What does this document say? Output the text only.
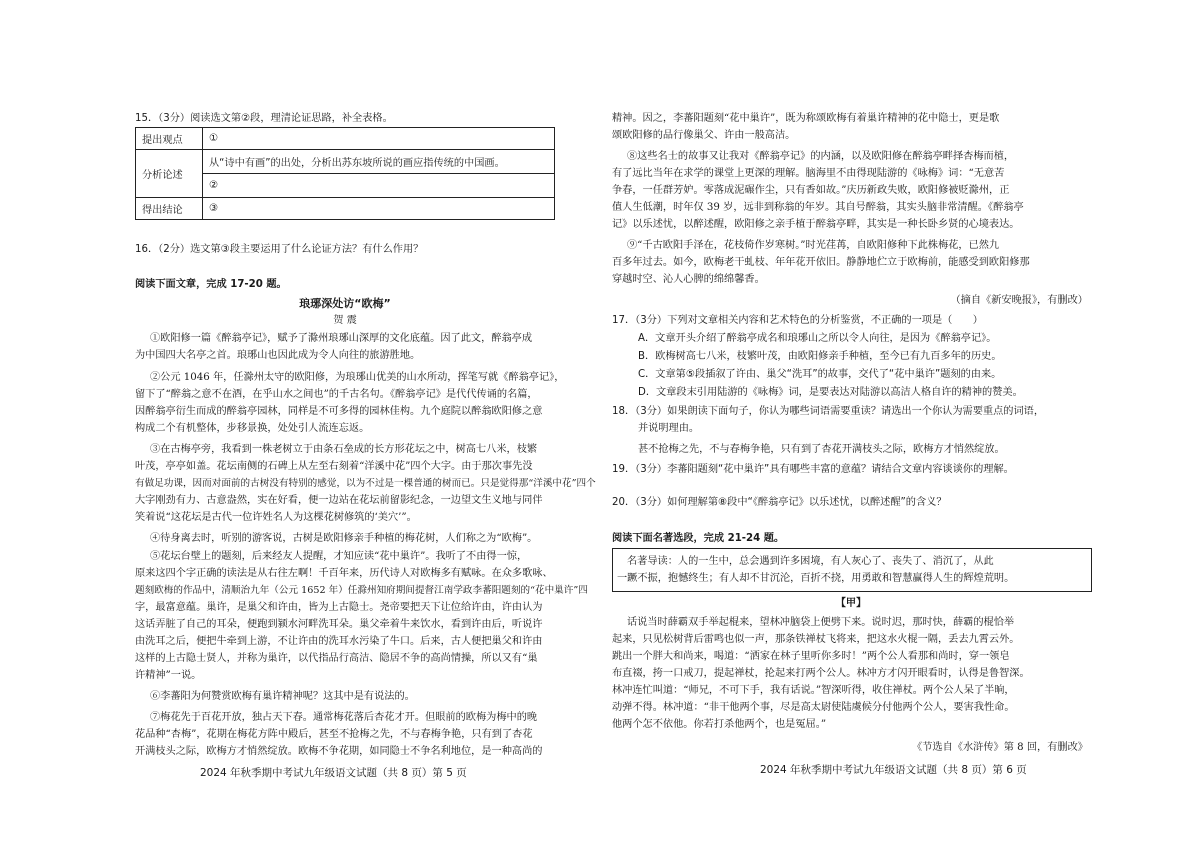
15．（3分）阅读选文第②段，理清论证思路，补全表格。
提出观点	①
分析论述	从“诗中有画”的出处，分析出苏东坡所说的画应指传统的中国画。
	②
得出结论	③
16．（2分）选文第③段主要运用了什么论证方法？有什么作用？
阅读下面文章，完成 17-20 题。
琅琊深处访“欧梅”
贺 震
①欧阳修一篇《醉翁亭记》，赋予了滁州琅琊山深厚的文化底蕴。因了此文，醉翁亭成
为中国四大名亭之首。琅琊山也因此成为令人向往的旅游胜地。
②公元 1046 年，任滁州太守的欧阳修，为琅琊山优美的山水所动，挥笔写就《醉翁亭记》，
留下了“醉翁之意不在酒，在乎山水之间也”的千古名句。《醉翁亭记》是代代传诵的名篇，
因醉翁亭衍生而成的醉翁亭园林，同样是不可多得的园林佳构。九个庭院以醉翁欧阳修之意
构成二个有机整体，步移景换，处处引人流连忘返。
③在古梅亭旁，我看到一株老树立于由条石垒成的长方形花坛之中，树高七八米，枝繁
叶茂，亭亭如盖。花坛南侧的石碑上从左至右刻着“洋溪中花”四个大字。由于那次事先没
有做足功课，因而对面前的古树没有特别的感觉，以为不过是一棵普通的树而已。只是觉得那“洋溪中花”四个
大字刚劲有力、古意盎然，实在好看，便一边站在花坛前留影纪念，一边望文生义地与同伴
笑着说“这花坛是古代一位许姓名人为这棵花树修筑的‘美穴’”。
④待身离去时，听别的游客说，古树是欧阳修亲手种植的梅花树，人们称之为“欧梅”。
⑤花坛台壁上的题刻，后来经友人提醒，才知应读“花中巢许”。我听了不由得一惊，
原来这四个字正确的读法是从右往左啊！千百年来，历代诗人对欧梅多有赋咏。在众多歌咏、
题刻欧梅的作品中，清顺治九年（公元 1652 年）任滁州知府期间提督江南学政李蕃阳题刻的“花中巢许”四
字，最富意蕴。巢许，是巢父和许由，皆为上古隐士。尧帝要把天下让位给许由，许由认为
这话弄脏了自己的耳朵，便跑到颍水河畔洗耳朵。巢父牵着牛来饮水，看到许由后，听说许
由洗耳之后，便把牛牵到上游，不让许由的洗耳水污染了牛口。后来，古人便把巢父和许由
这样的上古隐士贤人，并称为巢许，以代指品行高洁、隐居不争的高尚情操，所以又有“巢
许精神”一说。
⑥李蕃阳为何赞赏欧梅有巢许精神呢？这其中是有说法的。
⑦梅花先于百花开放，独占天下春。通常梅花落后杏花才开。但眼前的欧梅为梅中的晚
花品种“杏梅”，花期在梅花方阵中殿后，甚至不抢梅之先，不与春梅争艳，只有到了杏花
开满枝头之际，欧梅方才悄然绽放。欧梅不争花期，如同隐士不争名利地位，是一种高尚的
2024 年秋季期中考试九年级语文试题（共 8 页）第 5 页
精神。因之，李蕃阳题刻“花中巢许”，既为称颂欧梅有着巢许精神的花中隐士，更是歌
颂欧阳修的品行像巢父、许由一般高洁。
⑧这些名士的故事又让我对《醉翁亭记》的内涵，以及欧阳修在醉翁亭畔择杏梅而植，
有了远比当年在求学的课堂上更深的理解。脑海里不由得现陆游的《咏梅》词：“无意苦
争春，一任群芳妒。零落成泥碾作尘，只有香如故。”庆历新政失败，欧阳修被贬滁州，正
值人生低潮，时年仅 39 岁，远非到称翁的年岁。其自号醉翁，其实头脑非常清醒。《醉翁亭
记》以乐述忧，以醉述醒，欧阳修之亲手植于醉翁亭畔，其实是一种长卧乡贤的心境表达。
⑨“千古欧阳手泽在，花枝倚作岁寒树。”时光荏苒，自欧阳修种下此株梅花，已然九
百多年过去。如今，欧梅老干虬枝、年年花开依旧。静静地伫立于欧梅前，能感受到欧阳修那
穿越时空、沁人心脾的绵绵馨香。
（摘自《新安晚报》，有删改）
17．（3分）下列对文章相关内容和艺术特色的分析鉴赏，不正确的一项是（　　）
A．文章开头介绍了醉翁亭成名和琅琊山之所以令人向往，是因为《醉翁亭记》。
B．欧梅树高七八米，枝繁叶茂，由欧阳修亲手种植，至今已有九百多年的历史。
C．文章第⑤段插叙了许由、巢父“洗耳”的故事，交代了“花中巢许”题刻的由来。
D．文章段末引用陆游的《咏梅》词，是要表达对陆游以高洁人格自许的精神的赞美。
18．（3分）如果朗读下面句子，你认为哪些词语需要重读？请选出一个你认为需要重点的词语，
并说明理由。
甚不抢梅之先，不与春梅争艳，只有到了杏花开满枝头之际，欧梅方才悄然绽放。
19．（3分）李蕃阳题刻“花中巢许”具有哪些丰富的意蕴？请结合文章内容谈谈你的理解。
20．（3分）如何理解第⑧段中“《醉翁亭记》以乐述忧，以醉述醒”的含义？
阅读下面名著选段，完成 21-24 题。
名著导读：人的一生中，总会遇到许多困境，有人灰心了、丧失了、消沉了，从此
一蹶不振，抱憾终生；有人却不甘沉沦，百折不挠，用勇敢和智慧赢得人生的辉煌荒明。
【甲】
话说当时薛霸双手举起棍来，望林冲脑袋上便劈下来。说时迟，那时快，薛霸的棍恰举
起来，只见松树背后雷鸣也似一声，那条铁禅杖飞将来，把这水火棍一隔，丢去九霄云外。
跳出一个胖大和尚来，喝道：“洒家在林子里听你多时！”两个公人看那和尚时，穿一领皂
布直裰，挎一口戒刀，提起禅杖，抡起来打两个公人。林冲方才闪开眼看时，认得是鲁智深。
林冲连忙叫道：“师兄，不可下手，我有话说。”智深听得，收住禅杖。两个公人呆了半晌，
动弹不得。林冲道：“非干他两个事，尽是高太尉使陆虞候分付他两个公人，要害我性命。
他两个怎不依他。你若打杀他两个，也是冤屈。”
《节选自《水浒传》第 8 回，有删改》
2024 年秋季期中考试九年级语文试题（共 8 页）第 6 页
